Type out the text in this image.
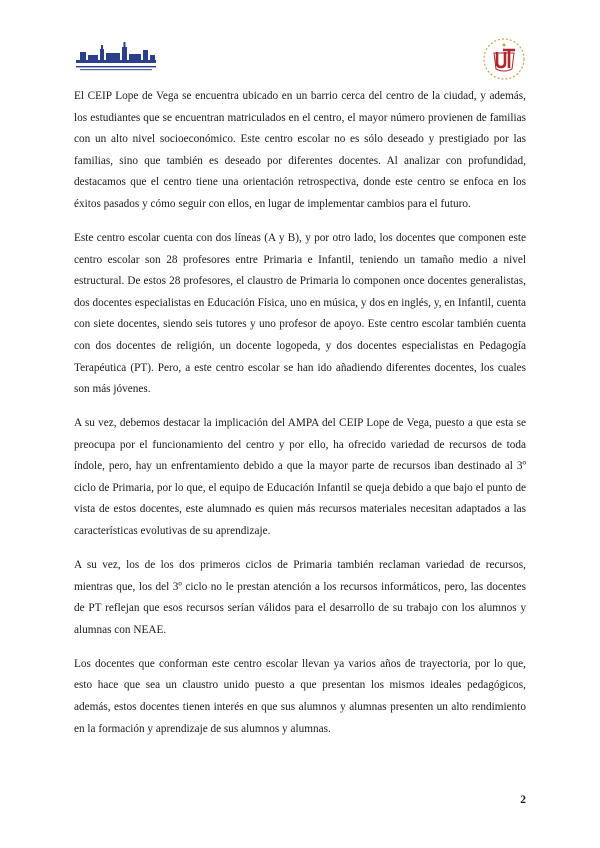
El CEIP Lope de Vega se encuentra ubicado en un barrio cerca del centro de la ciudad, y además, los estudiantes que se encuentran matriculados en el centro, el mayor número provienen de familias con un alto nivel socioeconómico. Este centro escolar no es sólo deseado y prestigiado por las familias, sino que también es deseado por diferentes docentes. Al analizar con profundidad, destacamos que el centro tiene una orientación retrospectiva, donde este centro se enfoca en los éxitos pasados y cómo seguir con ellos, en lugar de implementar cambios para el futuro.

Este centro escolar cuenta con dos líneas (A y B), y por otro lado, los docentes que componen este centro escolar son 28 profesores entre Primaria e Infantil, teniendo un tamaño medio a nivel estructural. De estos 28 profesores, el claustro de Primaria lo componen once docentes generalistas, dos docentes especialistas en Educación Física, uno en música, y dos en inglés, y, en Infantil, cuenta con siete docentes, siendo seis tutores y uno profesor de apoyo. Este centro escolar también cuenta con dos docentes de religión, un docente logopeda, y dos docentes especialistas en Pedagogía Terapéutica (PT). Pero, a este centro escolar se han ido añadiendo diferentes docentes, los cuales son más jóvenes.

A su vez, debemos destacar la implicación del AMPA del CEIP Lope de Vega, puesto a que esta se preocupa por el funcionamiento del centro y por ello, ha ofrecido variedad de recursos de toda índole, pero, hay un enfrentamiento debido a que la mayor parte de recursos iban destinado al 3º ciclo de Primaria, por lo que, el equipo de Educación Infantil se queja debido a que bajo el punto de vista de estos docentes, este alumnado es quien más recursos materiales necesitan adaptados a las características evolutivas de su aprendizaje.

A su vez, los de los dos primeros ciclos de Primaria también reclaman variedad de recursos, mientras que, los del 3º ciclo no le prestan atención a los recursos informáticos, pero, las docentes de PT reflejan que esos recursos serían válidos para el desarrollo de su trabajo con los alumnos y alumnas con NEAE.

Los docentes que conforman este centro escolar llevan ya varios años de trayectoria, por lo que, esto hace que sea un claustro unido puesto a que presentan los mismos ideales pedagógicos, además, estos docentes tienen interés en que sus alumnos y alumnas presenten un alto rendimiento en la formación y aprendizaje de sus alumnos y alumnas.

2
